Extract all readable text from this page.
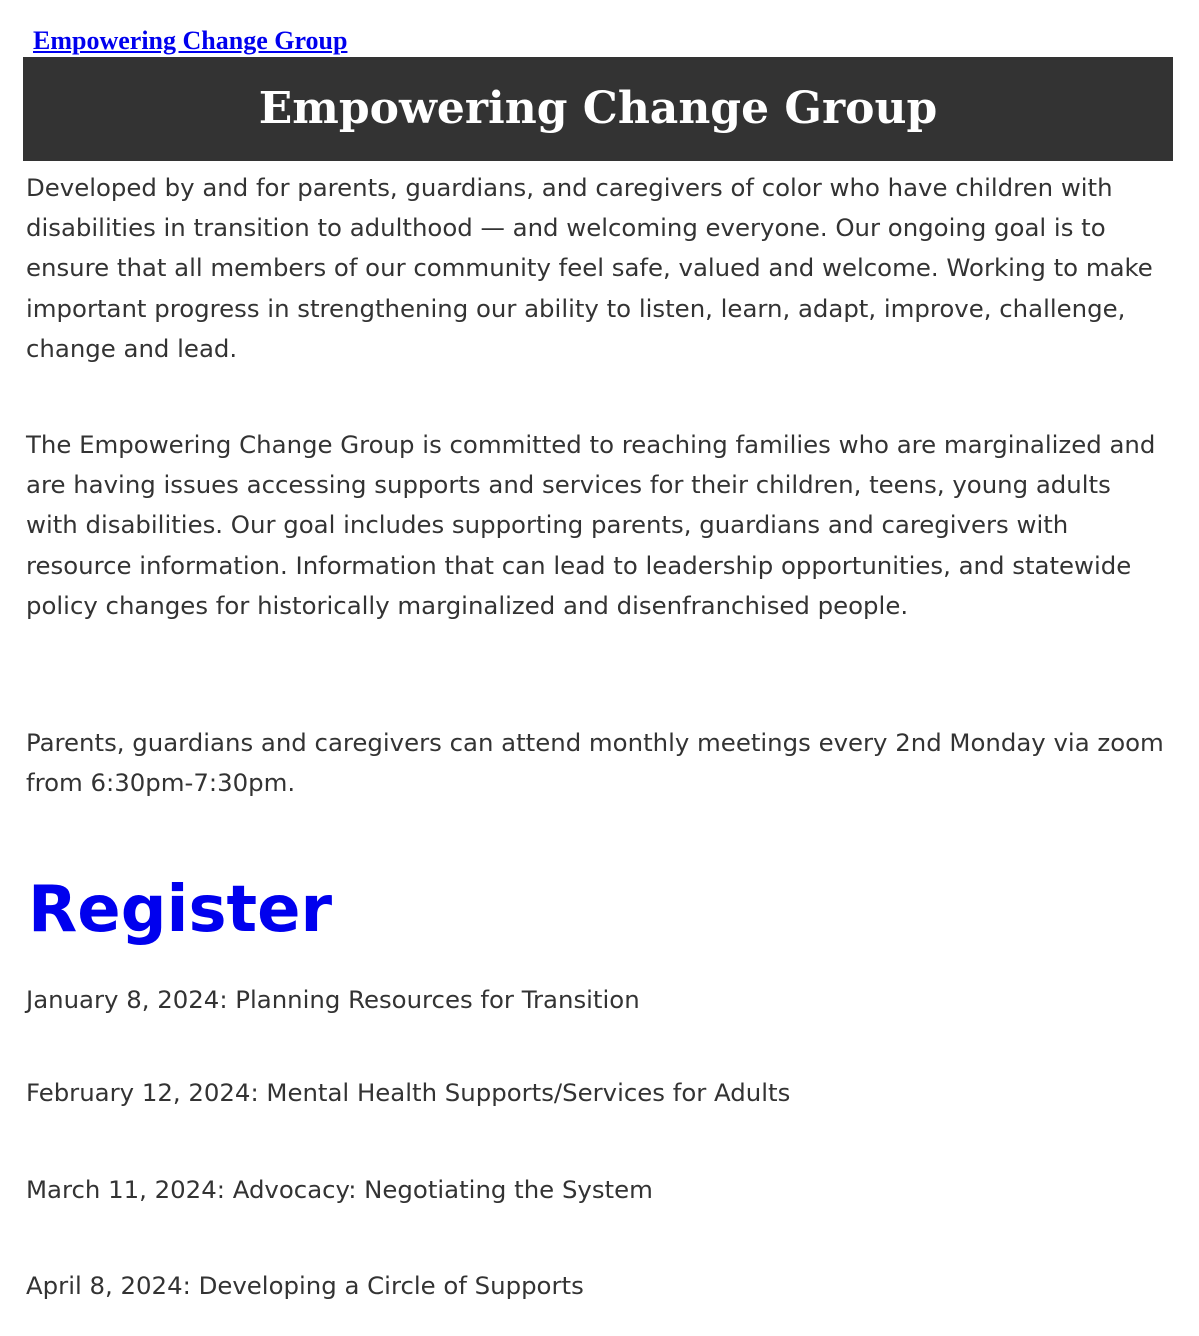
Empowering Change Group
Empowering Change Group

Developed by and for parents, guardians, and caregivers of color who have children with disabilities in transition to adulthood — and welcoming everyone. Our ongoing goal is to ensure that all members of our community feel safe, valued and welcome. Working to make important progress in strengthening our ability to listen, learn, adapt, improve, challenge, change and lead.

The Empowering Change Group is committed to reaching families who are marginalized and are having issues accessing supports and services for their children, teens, young adults with disabilities. Our goal includes supporting parents, guardians and caregivers with resource information. Information that can lead to leadership opportunities, and statewide policy changes for historically marginalized and disenfranchised people.

Parents, guardians and caregivers can attend monthly meetings every 2nd Monday via zoom from 6:30pm-7:30pm.

Register

January 8, 2024: Planning Resources for Transition

February 12, 2024: Mental Health Supports/Services for Adults

March 11, 2024: Advocacy: Negotiating the System

April 8, 2024: Developing a Circle of Supports
